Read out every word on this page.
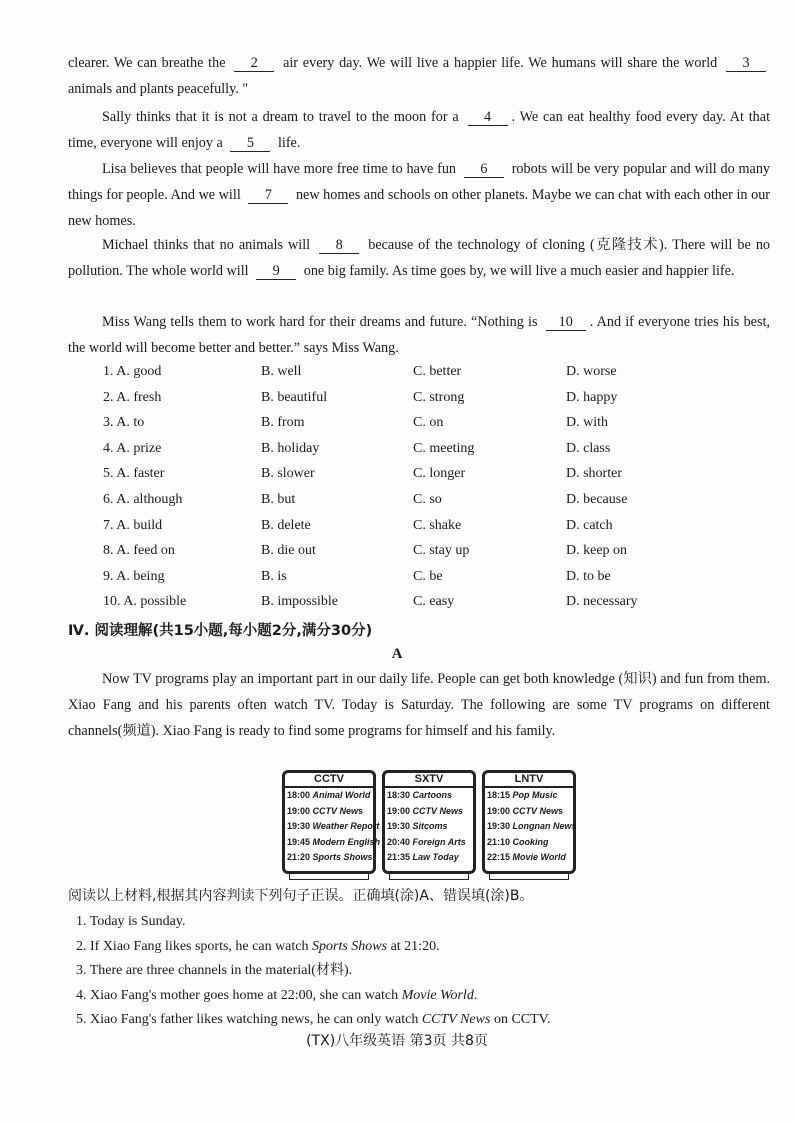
clearer. We can breathe the 2 air every day. We will live a happier life. We humans will share the world 3 animals and plants peacefully. "
Sally thinks that it is not a dream to travel to the moon for a 4 . We can eat healthy food every day. At that time, everyone will enjoy a 5 life.
Lisa believes that people will have more free time to have fun 6 robots will be very popular and will do many things for people. And we will 7 new homes and schools on other planets. Maybe we can chat with each other in our new homes.
Michael thinks that no animals will 8 because of the technology of cloning (克隆技术). There will be no pollution. The whole world will 9 one big family. As time goes by, we will live a much easier and happier life.
Miss Wang tells them to work hard for their dreams and future. “Nothing is 10 . And if everyone tries his best, the world will become better and better.” says Miss Wang.
1. A. good	B. well	C. better	D. worse
2. A. fresh	B. beautiful	C. strong	D. happy
3. A. to	B. from	C. on	D. with
4. A. prize	B. holiday	C. meeting	D. class
5. A. faster	B. slower	C. longer	D. shorter
6. A. although	B. but	C. so	D. because
7. A. build	B. delete	C. shake	D. catch
8. A. feed on	B. die out	C. stay up	D. keep on
9. A. being	B. is	C. be	D. to be
10. A. possible	B. impossible	C. easy	D. necessary
Ⅳ. 阅读理解(共15小题,每小题2分,满分30分)
A
Now TV programs play an important part in our daily life. People can get both knowledge (知识) and fun from them. Xiao Fang and his parents often watch TV. Today is Saturday. The following are some TV programs on different channels(频道). Xiao Fang is ready to find some programs for himself and his family.
CCTV
18:00 Animal World
19:00 CCTV News
19:30 Weather Report
19:45 Modern English
21:20 Sports Shows
SXTV
18:30 Cartoons
19:00 CCTV News
19:30 Sitcoms
20:40 Foreign Arts
21:35 Law Today
LNTV
18:15 Pop Music
19:00 CCTV News
19:30 Longnan News
21:10 Cooking
22:15 Movie World
阅读以上材料,根据其内容判读下列句子正误。正确填(涂)A、错误填(涂)B。
1. Today is Sunday.
2. If Xiao Fang likes sports, he can watch Sports Shows at 21:20.
3. There are three channels in the material(材料).
4. Xiao Fang's mother goes home at 22:00, she can watch Movie World.
5. Xiao Fang's father likes watching news, he can only watch CCTV News on CCTV.
(TX)八年级英语 第3页 共8页
